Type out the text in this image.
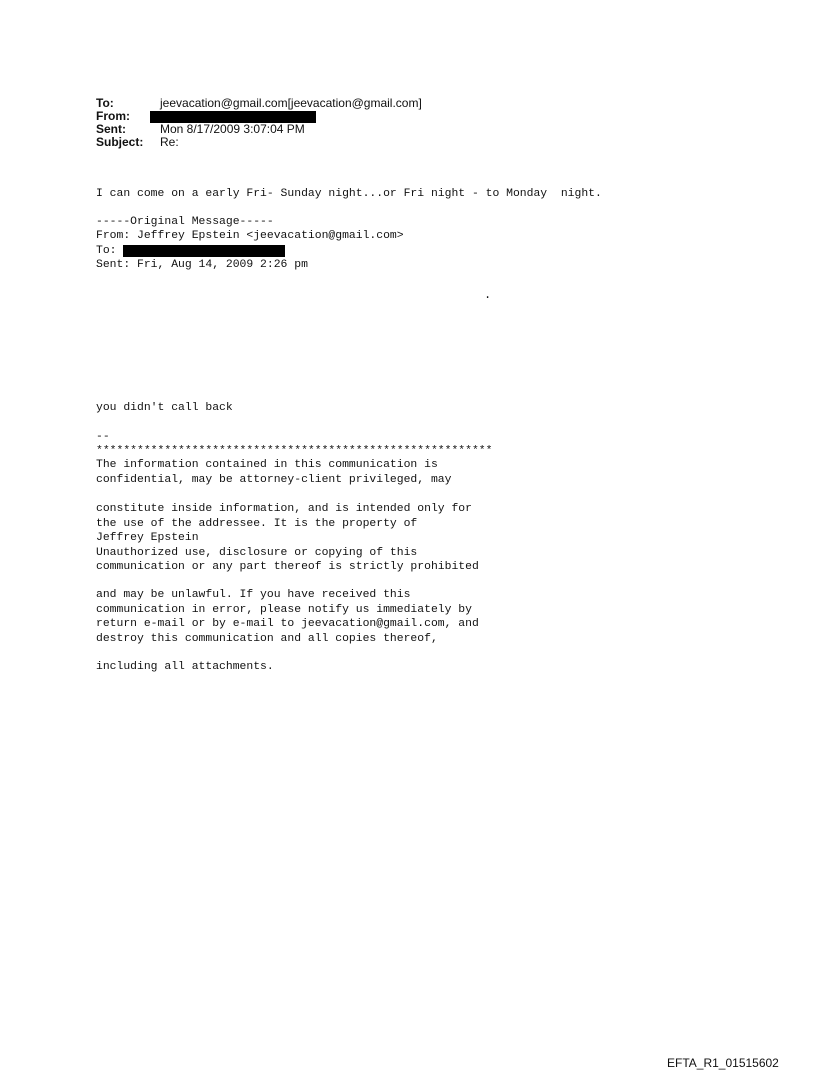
To:	jeevacation@gmail.com[jeevacation@gmail.com]
From:
Sent:	Mon 8/17/2009 3:07:04 PM
Subject:	Re:
I can come on a early Fri- Sunday night...or Fri night - to Monday  night.
-----Original Message-----
From: Jeffrey Epstein <jeevacation@gmail.com>
To:
Sent: Fri, Aug 14, 2009 2:26 pm
.
you didn't call back
--
**********************************************************
The information contained in this communication is
confidential, may be attorney-client privileged, may
constitute inside information, and is intended only for
the use of the addressee. It is the property of
Jeffrey Epstein
Unauthorized use, disclosure or copying of this
communication or any part thereof is strictly prohibited
and may be unlawful. If you have received this
communication in error, please notify us immediately by
return e-mail or by e-mail to jeevacation@gmail.com, and
destroy this communication and all copies thereof,
including all attachments.
EFTA_R1_01515602
